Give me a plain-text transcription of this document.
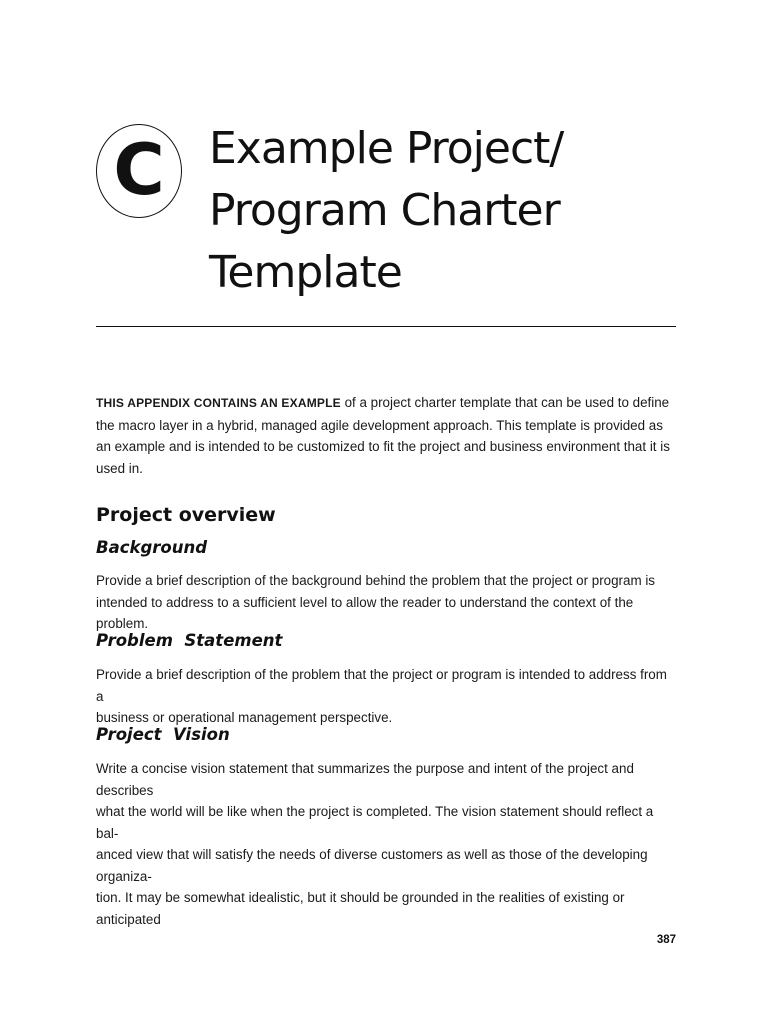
C Example Project/
Program Charter
Template

THIS APPENDIX CONTAINS AN EXAMPLE of a project charter template that can be used to define the macro layer in a hybrid, managed agile development approach. This template is provided as an example and is intended to be customized to fit the project and business environment that it is used in.

Project overview
Background
Provide a brief description of the background behind the problem that the project or program is
intended to address to a sufficient level to allow the reader to understand the context of the problem.
Problem  Statement
Provide a brief description of the problem that the project or program is intended to address from a
business or operational management perspective.
Project  Vision
Write a concise vision statement that summarizes the purpose and intent of the project and describes
what the world will be like when the project is completed. The vision statement should reflect a bal-
anced view that will satisfy the needs of diverse customers as well as those of the developing organiza-
tion. It may be somewhat idealistic, but it should be grounded in the realities of existing or anticipated
387
